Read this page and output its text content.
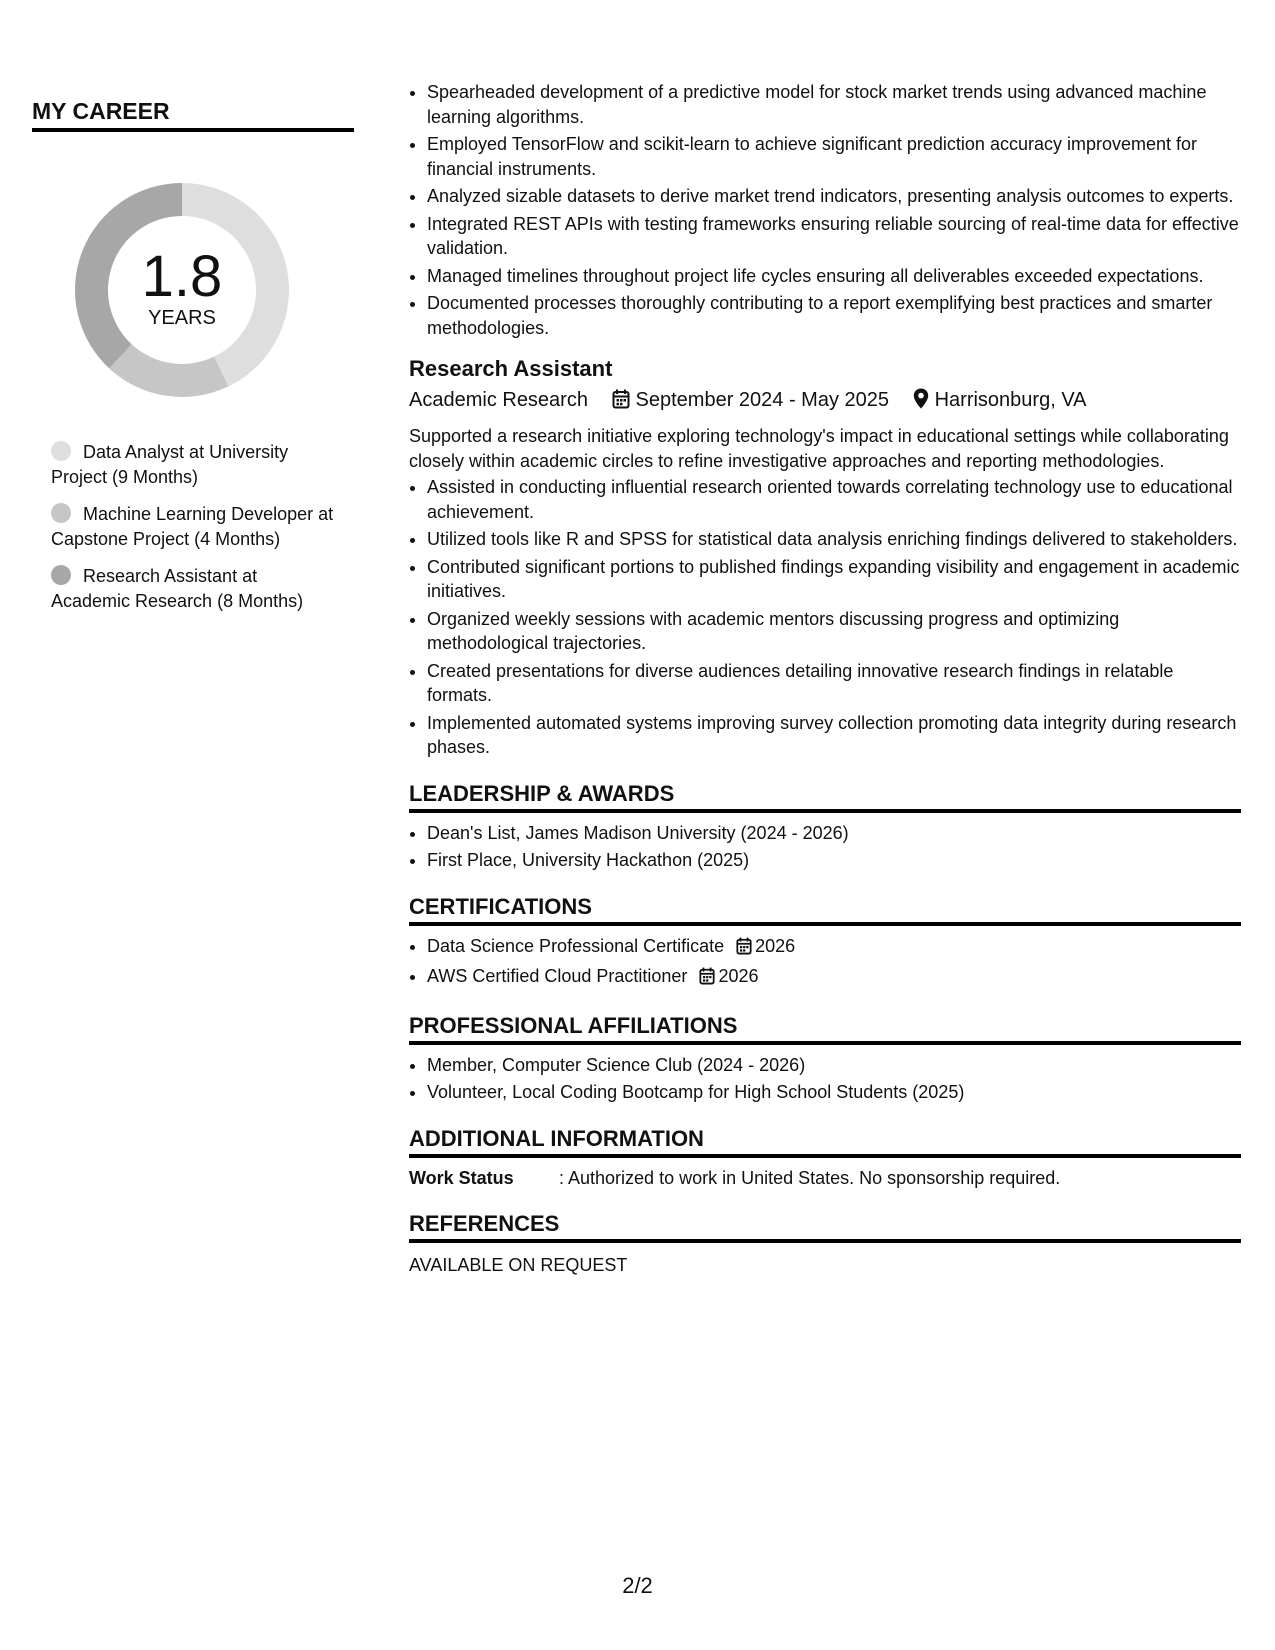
MY CAREER
1.8
YEARS
Data Analyst at University Project (9 Months)
Machine Learning Developer at Capstone Project (4 Months)
Research Assistant at Academic Research (8 Months)
• Spearheaded development of a predictive model for stock market trends using advanced machine learning algorithms.
• Employed TensorFlow and scikit-learn to achieve significant prediction accuracy improvement for financial instruments.
• Analyzed sizable datasets to derive market trend indicators, presenting analysis outcomes to experts.
• Integrated REST APIs with testing frameworks ensuring reliable sourcing of real-time data for effective validation.
• Managed timelines throughout project life cycles ensuring all deliverables exceeded expectations.
• Documented processes thoroughly contributing to a report exemplifying best practices and smarter methodologies.
Research Assistant
Academic Research September 2024 - May 2025 Harrisonburg, VA
Supported a research initiative exploring technology's impact in educational settings while collaborating closely within academic circles to refine investigative approaches and reporting methodologies.
• Assisted in conducting influential research oriented towards correlating technology use to educational achievement.
• Utilized tools like R and SPSS for statistical data analysis enriching findings delivered to stakeholders.
• Contributed significant portions to published findings expanding visibility and engagement in academic initiatives.
• Organized weekly sessions with academic mentors discussing progress and optimizing methodological trajectories.
• Created presentations for diverse audiences detailing innovative research findings in relatable formats.
• Implemented automated systems improving survey collection promoting data integrity during research phases.
LEADERSHIP & AWARDS
• Dean's List, James Madison University (2024 - 2026)
• First Place, University Hackathon (2025)
CERTIFICATIONS
• Data Science Professional Certificate 2026
• AWS Certified Cloud Practitioner 2026
PROFESSIONAL AFFILIATIONS
• Member, Computer Science Club (2024 - 2026)
• Volunteer, Local Coding Bootcamp for High School Students (2025)
ADDITIONAL INFORMATION
Work Status	: Authorized to work in United States. No sponsorship required.
REFERENCES
AVAILABLE ON REQUEST
2/2
